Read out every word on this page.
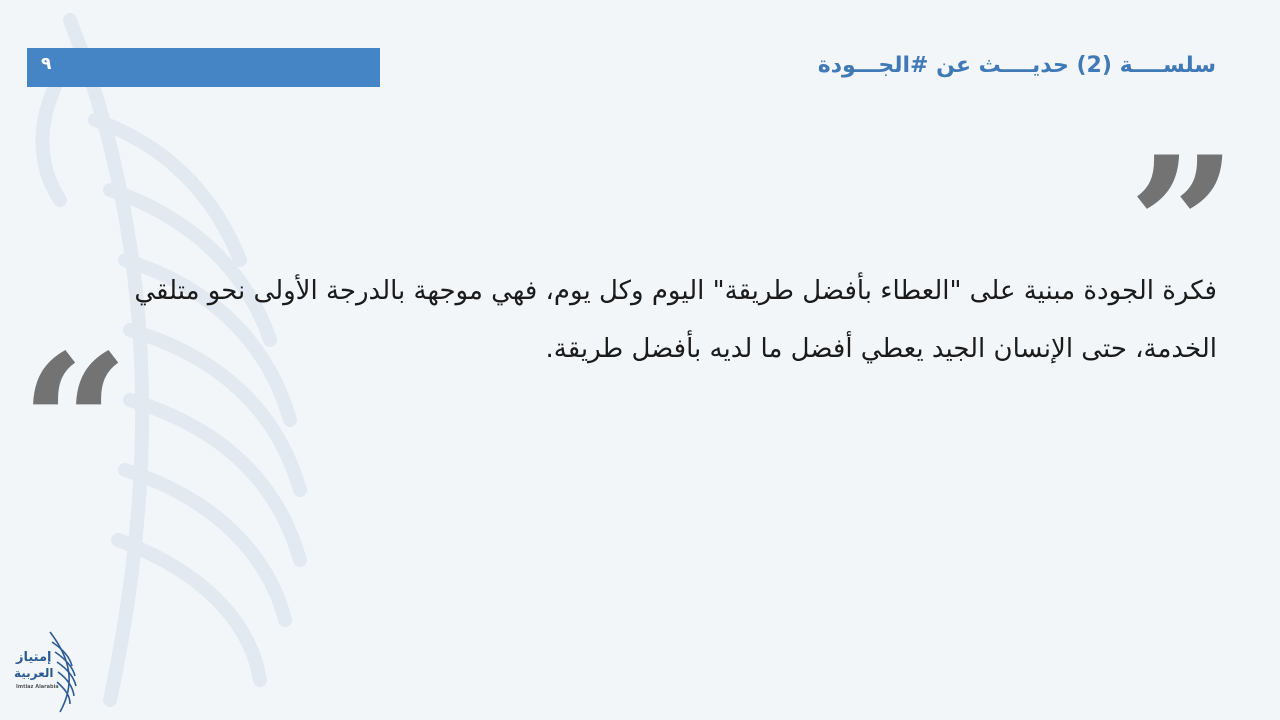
٩	سلســــة (2) حديــــث عن #الجـــودة
”

فكرة الجودة مبنية على "العطاء بأفضل طريقة" اليوم وكل يوم، فهي موجهة بالدرجة الأولى نحو متلقي الخدمة، حتى الإنسان الجيد يعطي أفضل ما لديه بأفضل طريقة.

“
إمتياز
العربية
Imtiaz Alarabia
